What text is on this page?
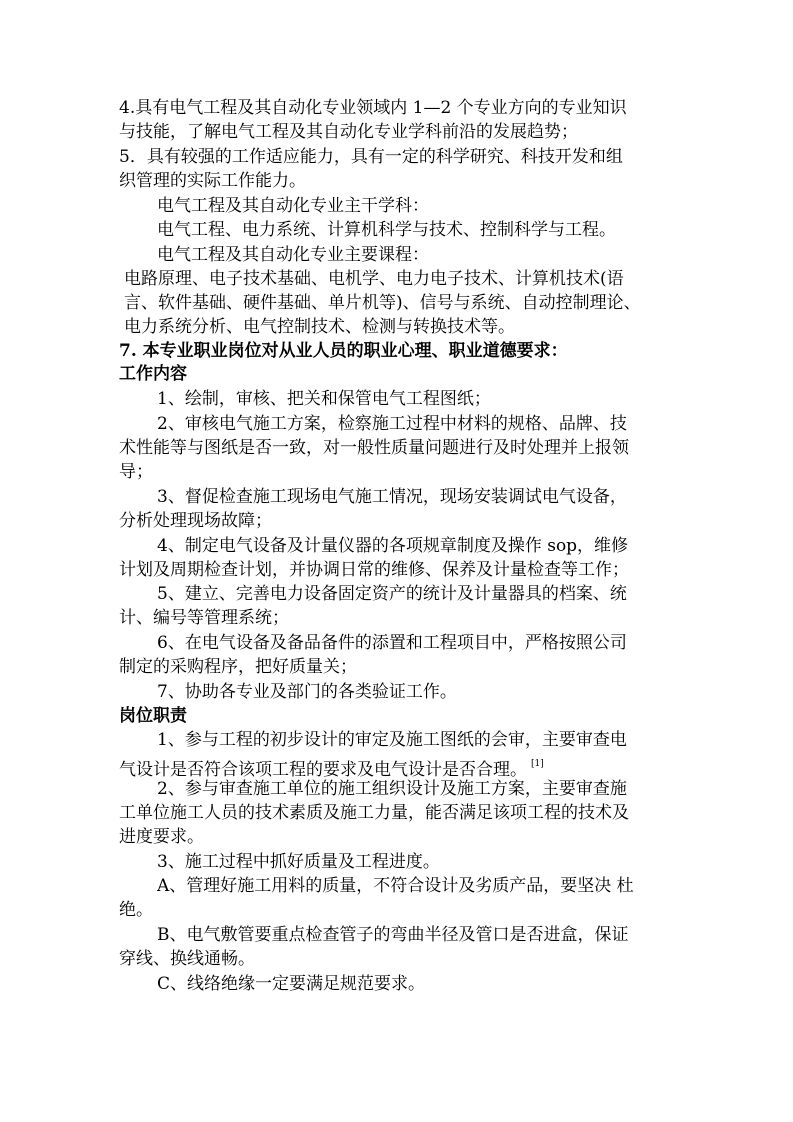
4.具有电气工程及其自动化专业领域内 1—2 个专业方向的专业知识
与技能，了解电气工程及其自动化专业学科前沿的发展趋势；
5．具有较强的工作适应能力，具有一定的科学研究、科技开发和组
织管理的实际工作能力。
电气工程及其自动化专业主干学科：
电气工程、电力系统、计算机科学与技术、控制科学与工程。
电气工程及其自动化专业主要课程：
电路原理、电子技术基础、电机学、电力电子技术、计算机技术(语
言、软件基础、硬件基础、单片机等)、信号与系统、自动控制理论、
电力系统分析、电气控制技术、检测与转换技术等。
7. 本专业职业岗位对从业人员的职业心理、职业道德要求：
工作内容
1、绘制，审核、把关和保管电气工程图纸；
2、审核电气施工方案，检察施工过程中材料的规格、品牌、技
术性能等与图纸是否一致，对一般性质量问题进行及时处理并上报领
导；
3、督促检查施工现场电气施工情况，现场安装调试电气设备，
分析处理现场故障；
4、制定电气设备及计量仪器的各项规章制度及操作 sop，维修
计划及周期检查计划，并协调日常的维修、保养及计量检查等工作；
5、建立、完善电力设备固定资产的统计及计量器具的档案、统
计、编号等管理系统；
6、在电气设备及备品备件的添置和工程项目中，严格按照公司
制定的采购程序，把好质量关；
7、协助各专业及部门的各类验证工作。
岗位职责
1、参与工程的初步设计的审定及施工图纸的会审，主要审查电
气设计是否符合该项工程的要求及电气设计是否合理。 [1]
2、参与审查施工单位的施工组织设计及施工方案，主要审查施
工单位施工人员的技术素质及施工力量，能否满足该项工程的技术及
进度要求。
3、施工过程中抓好质量及工程进度。
A、管理好施工用料的质量，不符合设计及劣质产品，要坚决 杜
绝。
B、电气敷管要重点检查管子的弯曲半径及管口是否进盒，保证
穿线、换线通畅。
C、线络绝缘一定要满足规范要求。
